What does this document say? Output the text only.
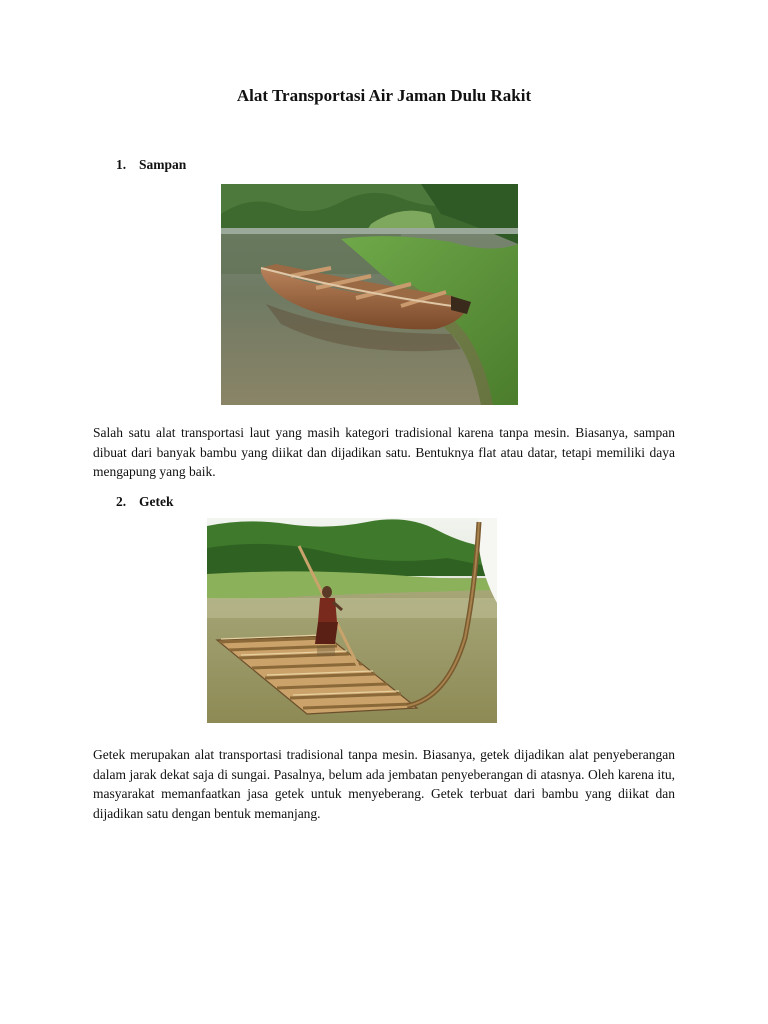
Alat Transportasi Air Jaman Dulu Rakit
1. Sampan
Salah satu alat transportasi laut yang masih kategori tradisional karena tanpa mesin. Biasanya, sampan dibuat dari banyak bambu yang diikat dan dijadikan satu. Bentuknya flat atau datar, tetapi memiliki daya mengapung yang baik.
2. Getek
Getek merupakan alat transportasi tradisional tanpa mesin. Biasanya, getek dijadikan alat penyeberangan dalam jarak dekat saja di sungai. Pasalnya, belum ada jembatan penyeberangan di atasnya. Oleh karena itu, masyarakat memanfaatkan jasa getek untuk menyeberang. Getek terbuat dari bambu yang diikat dan dijadikan satu dengan bentuk memanjang.
